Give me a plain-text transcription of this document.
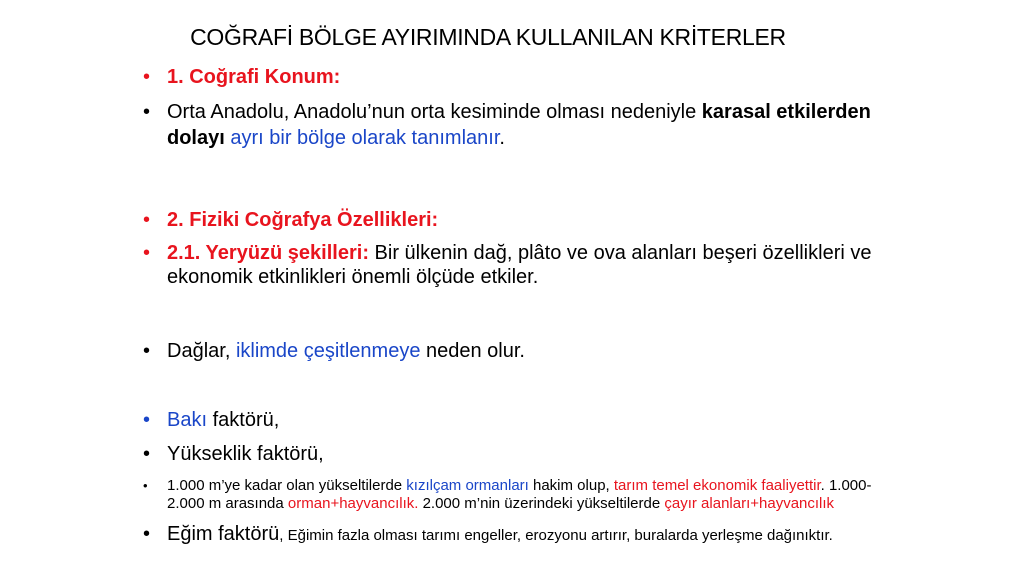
COĞRAFİ BÖLGE AYIRIMINDA KULLANILAN KRİTERLER
• 1. Coğrafi Konum:
• Orta Anadolu, Anadolu’nun orta kesiminde olması nedeniyle karasal etkilerden dolayı ayrı bir bölge olarak tanımlanır.
• 2. Fiziki Coğrafya Özellikleri:
• 2.1. Yeryüzü şekilleri: Bir ülkenin dağ, plâto ve ova alanları beşeri özellikleri ve ekonomik etkinlikleri önemli ölçüde etkiler.
• Dağlar, iklimde çeşitlenmeye neden olur.
• Bakı faktörü,
• Yükseklik faktörü,
• 1.000 m’ye kadar olan yükseltilerde kızılçam ormanları hakim olup, tarım temel ekonomik faaliyettir. 1.000-2.000 m arasında orman+hayvancılık. 2.000 m’nin üzerindeki yükseltilerde çayır alanları+hayvancılık
• Eğim faktörü, Eğimin fazla olması tarımı engeller, erozyonu artırır, buralarda yerleşme dağınıktır.
